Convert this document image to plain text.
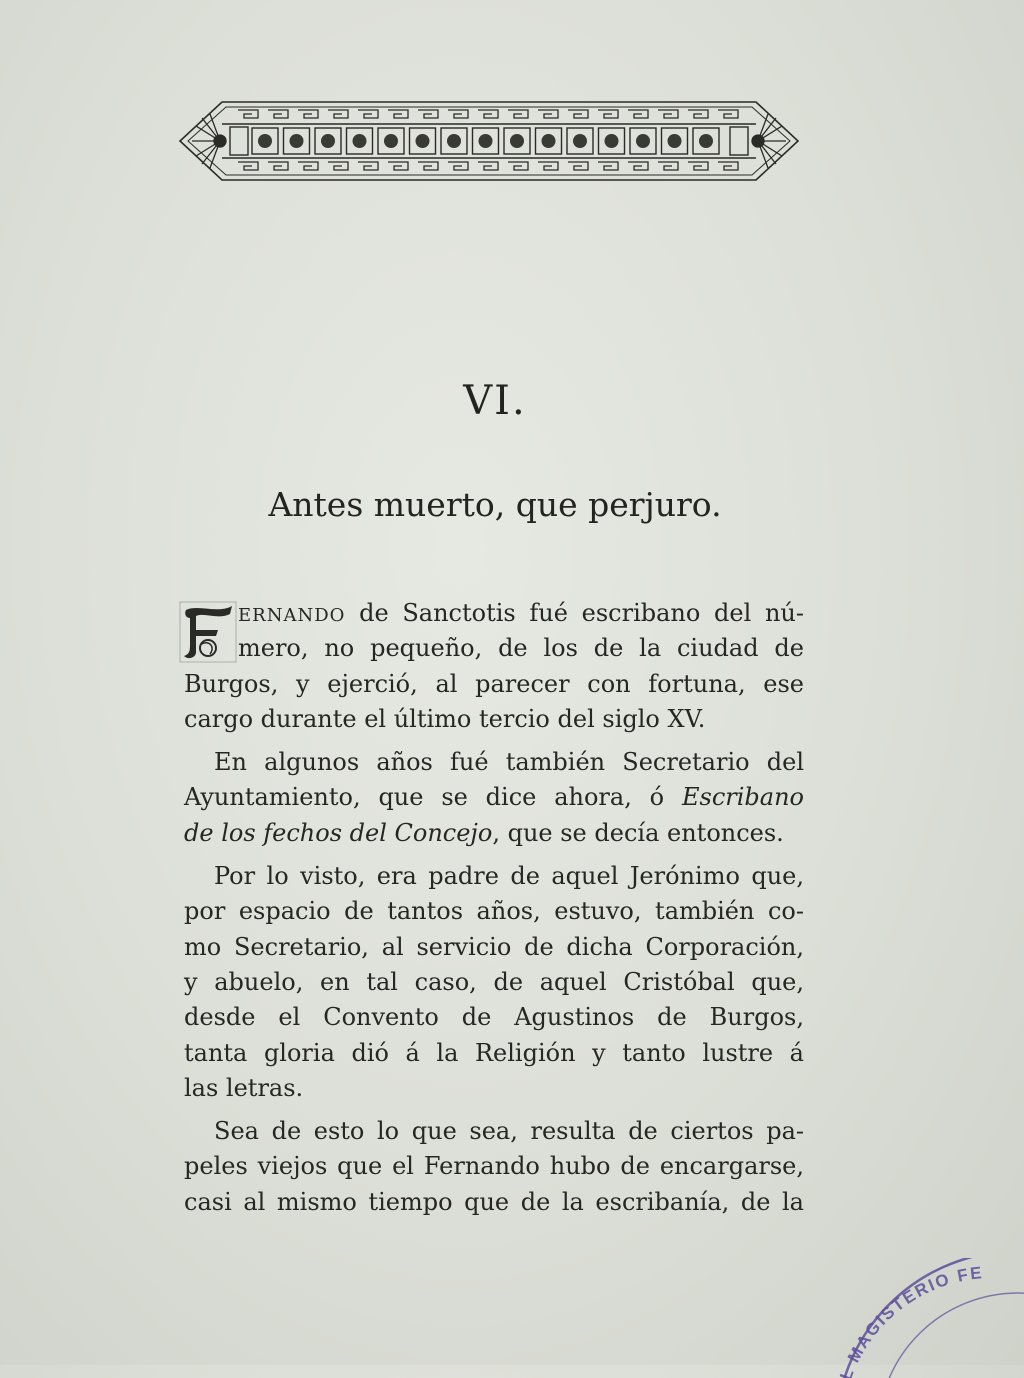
VI.
Antes muerto, que perjuro.
ERNANDO de Sanctotis fué escribano del nú-
mero, no pequeño, de los de la ciudad de
Burgos, y ejerció, al parecer con fortuna, ese
cargo durante el último tercio del siglo XV.
En algunos años fué también Secretario del
Ayuntamiento, que se dice ahora, ó Escribano
de los fechos del Concejo, que se decía entonces.
Por lo visto, era padre de aquel Jerónimo que,
por espacio de tantos años, estuvo, también co-
mo Secretario, al servicio de dicha Corporación,
y abuelo, en tal caso, de aquel Cristóbal que,
desde el Convento de Agustinos de Burgos,
tanta gloria dió á la Religión y tanto lustre á
las letras.
Sea de esto lo que sea, resulta de ciertos pa-
peles viejos que el Fernando hubo de encargarse,
casi al mismo tiempo que de la escribanía, de la
L MAGISTERIO FE
